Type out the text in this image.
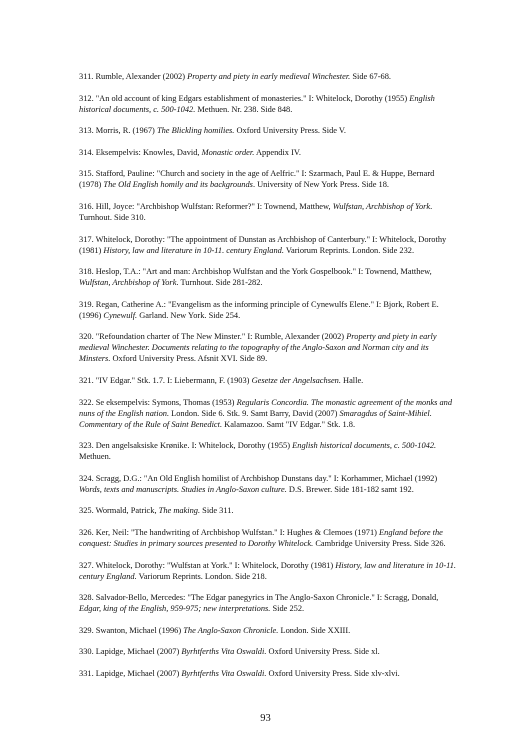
311. Rumble, Alexander (2002) Property and piety in early medieval Winchester. Side 67-68.

312. "An old account of king Edgars establishment of monasteries." I: Whitelock, Dorothy (1955) English historical documents, c. 500-1042. Methuen. Nr. 238. Side 848.

313. Morris, R. (1967) The Blickling homilies. Oxford University Press. Side V.

314. Eksempelvis: Knowles, David, Monastic order. Appendix IV.

315. Stafford, Pauline: "Church and society in the age of Aelfric." I: Szarmach, Paul E. & Huppe, Bernard (1978) The Old English homily and its backgrounds. University of New York Press. Side 18.

316. Hill, Joyce: "Archbishop Wulfstan: Reformer?" I: Townend, Matthew, Wulfstan, Archbishop of York. Turnhout. Side 310.

317. Whitelock, Dorothy: "The appointment of Dunstan as Archbishop of Canterbury." I: Whitelock, Dorothy (1981) History, law and literature in 10-11. century England. Variorum Reprints. London. Side 232.

318. Heslop, T.A.: "Art and man: Archbishop Wulfstan and the York Gospelbook." I: Townend, Matthew, Wulfstan, Archbishop of York. Turnhout. Side 281-282.

319. Regan, Catherine A.: "Evangelism as the informing principle of Cynewulfs Elene." I: Bjork, Robert E. (1996) Cynewulf. Garland. New York. Side 254.

320. "Refoundation charter of The New Minster." I: Rumble, Alexander (2002) Property and piety in early medieval Winchester. Documents relating to the topography of the Anglo-Saxon and Norman city and its Minsters. Oxford University Press. Afsnit XVI. Side 89.

321. "IV Edgar." Stk. 1.7. I: Liebermann, F. (1903) Gesetze der Angelsachsen. Halle.

322. Se eksempelvis: Symons, Thomas (1953) Regularis Concordia. The monastic agreement of the monks and nuns of the English nation. London. Side 6. Stk. 9. Samt Barry, David (2007) Smaragdus of Saint-Mihiel. Commentary of the Rule of Saint Benedict. Kalamazoo. Samt "IV Edgar." Stk. 1.8.

323. Den angelsaksiske Krønike. I: Whitelock, Dorothy (1955) English historical documents, c. 500-1042. Methuen.

324. Scragg, D.G.: "An Old English homilist of Archbishop Dunstans day." I: Korhammer, Michael (1992) Words, texts and manuscripts. Studies in Anglo-Saxon culture. D.S. Brewer. Side 181-182 samt 192.

325. Wormald, Patrick, The making. Side 311.

326. Ker, Neil: "The handwriting of Archbishop Wulfstan." I: Hughes & Clemoes (1971) England before the conquest: Studies in primary sources presented to Dorothy Whitelock. Cambridge University Press. Side 326.

327. Whitelock, Dorothy: "Wulfstan at York." I: Whitelock, Dorothy (1981) History, law and literature in 10-11. century England. Variorum Reprints. London. Side 218.

328. Salvador-Bello, Mercedes: "The Edgar panegyrics in The Anglo-Saxon Chronicle." I: Scragg, Donald, Edgar, king of the English, 959-975; new interpretations. Side 252.

329. Swanton, Michael (1996) The Anglo-Saxon Chronicle. London. Side XXIII.

330. Lapidge, Michael (2007) Byrhtferths Vita Oswaldi. Oxford University Press. Side xl.

331. Lapidge, Michael (2007) Byrhtferths Vita Oswaldi. Oxford University Press. Side xlv-xlvi.

93
